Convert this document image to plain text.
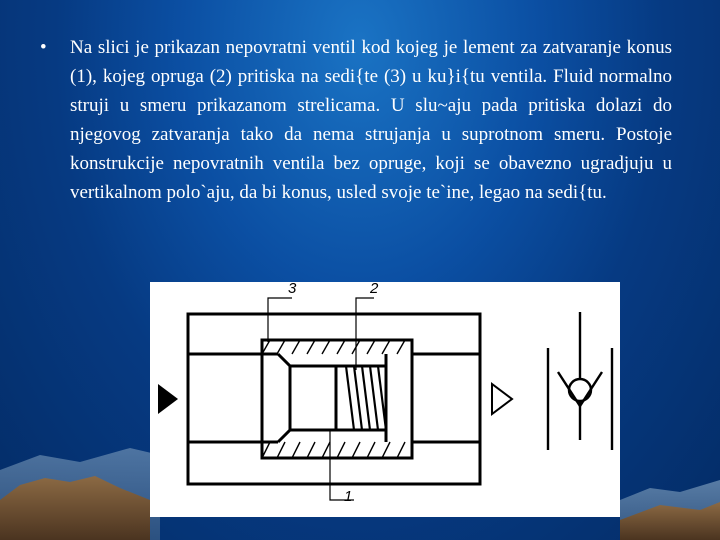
•	Na slici je prikazan nepovratni ventil kod kojeg je lement za zatvaranje konus (1), kojeg opruga (2) pritiska na sedi{te (3) u ku}i{tu ventila. Fluid normalno struji u smeru prikazanom strelicama. U slu~aju pada pritiska dolazi do njegovog zatvaranja tako da nema strujanja u suprotnom smeru. Postoje konstrukcije nepovratnih ventila bez opruge, koji se obavezno ugradjuju u vertikalnom polo`aju, da bi konus, usled svoje te`ine, legao na sedi{tu.
3	2
1
